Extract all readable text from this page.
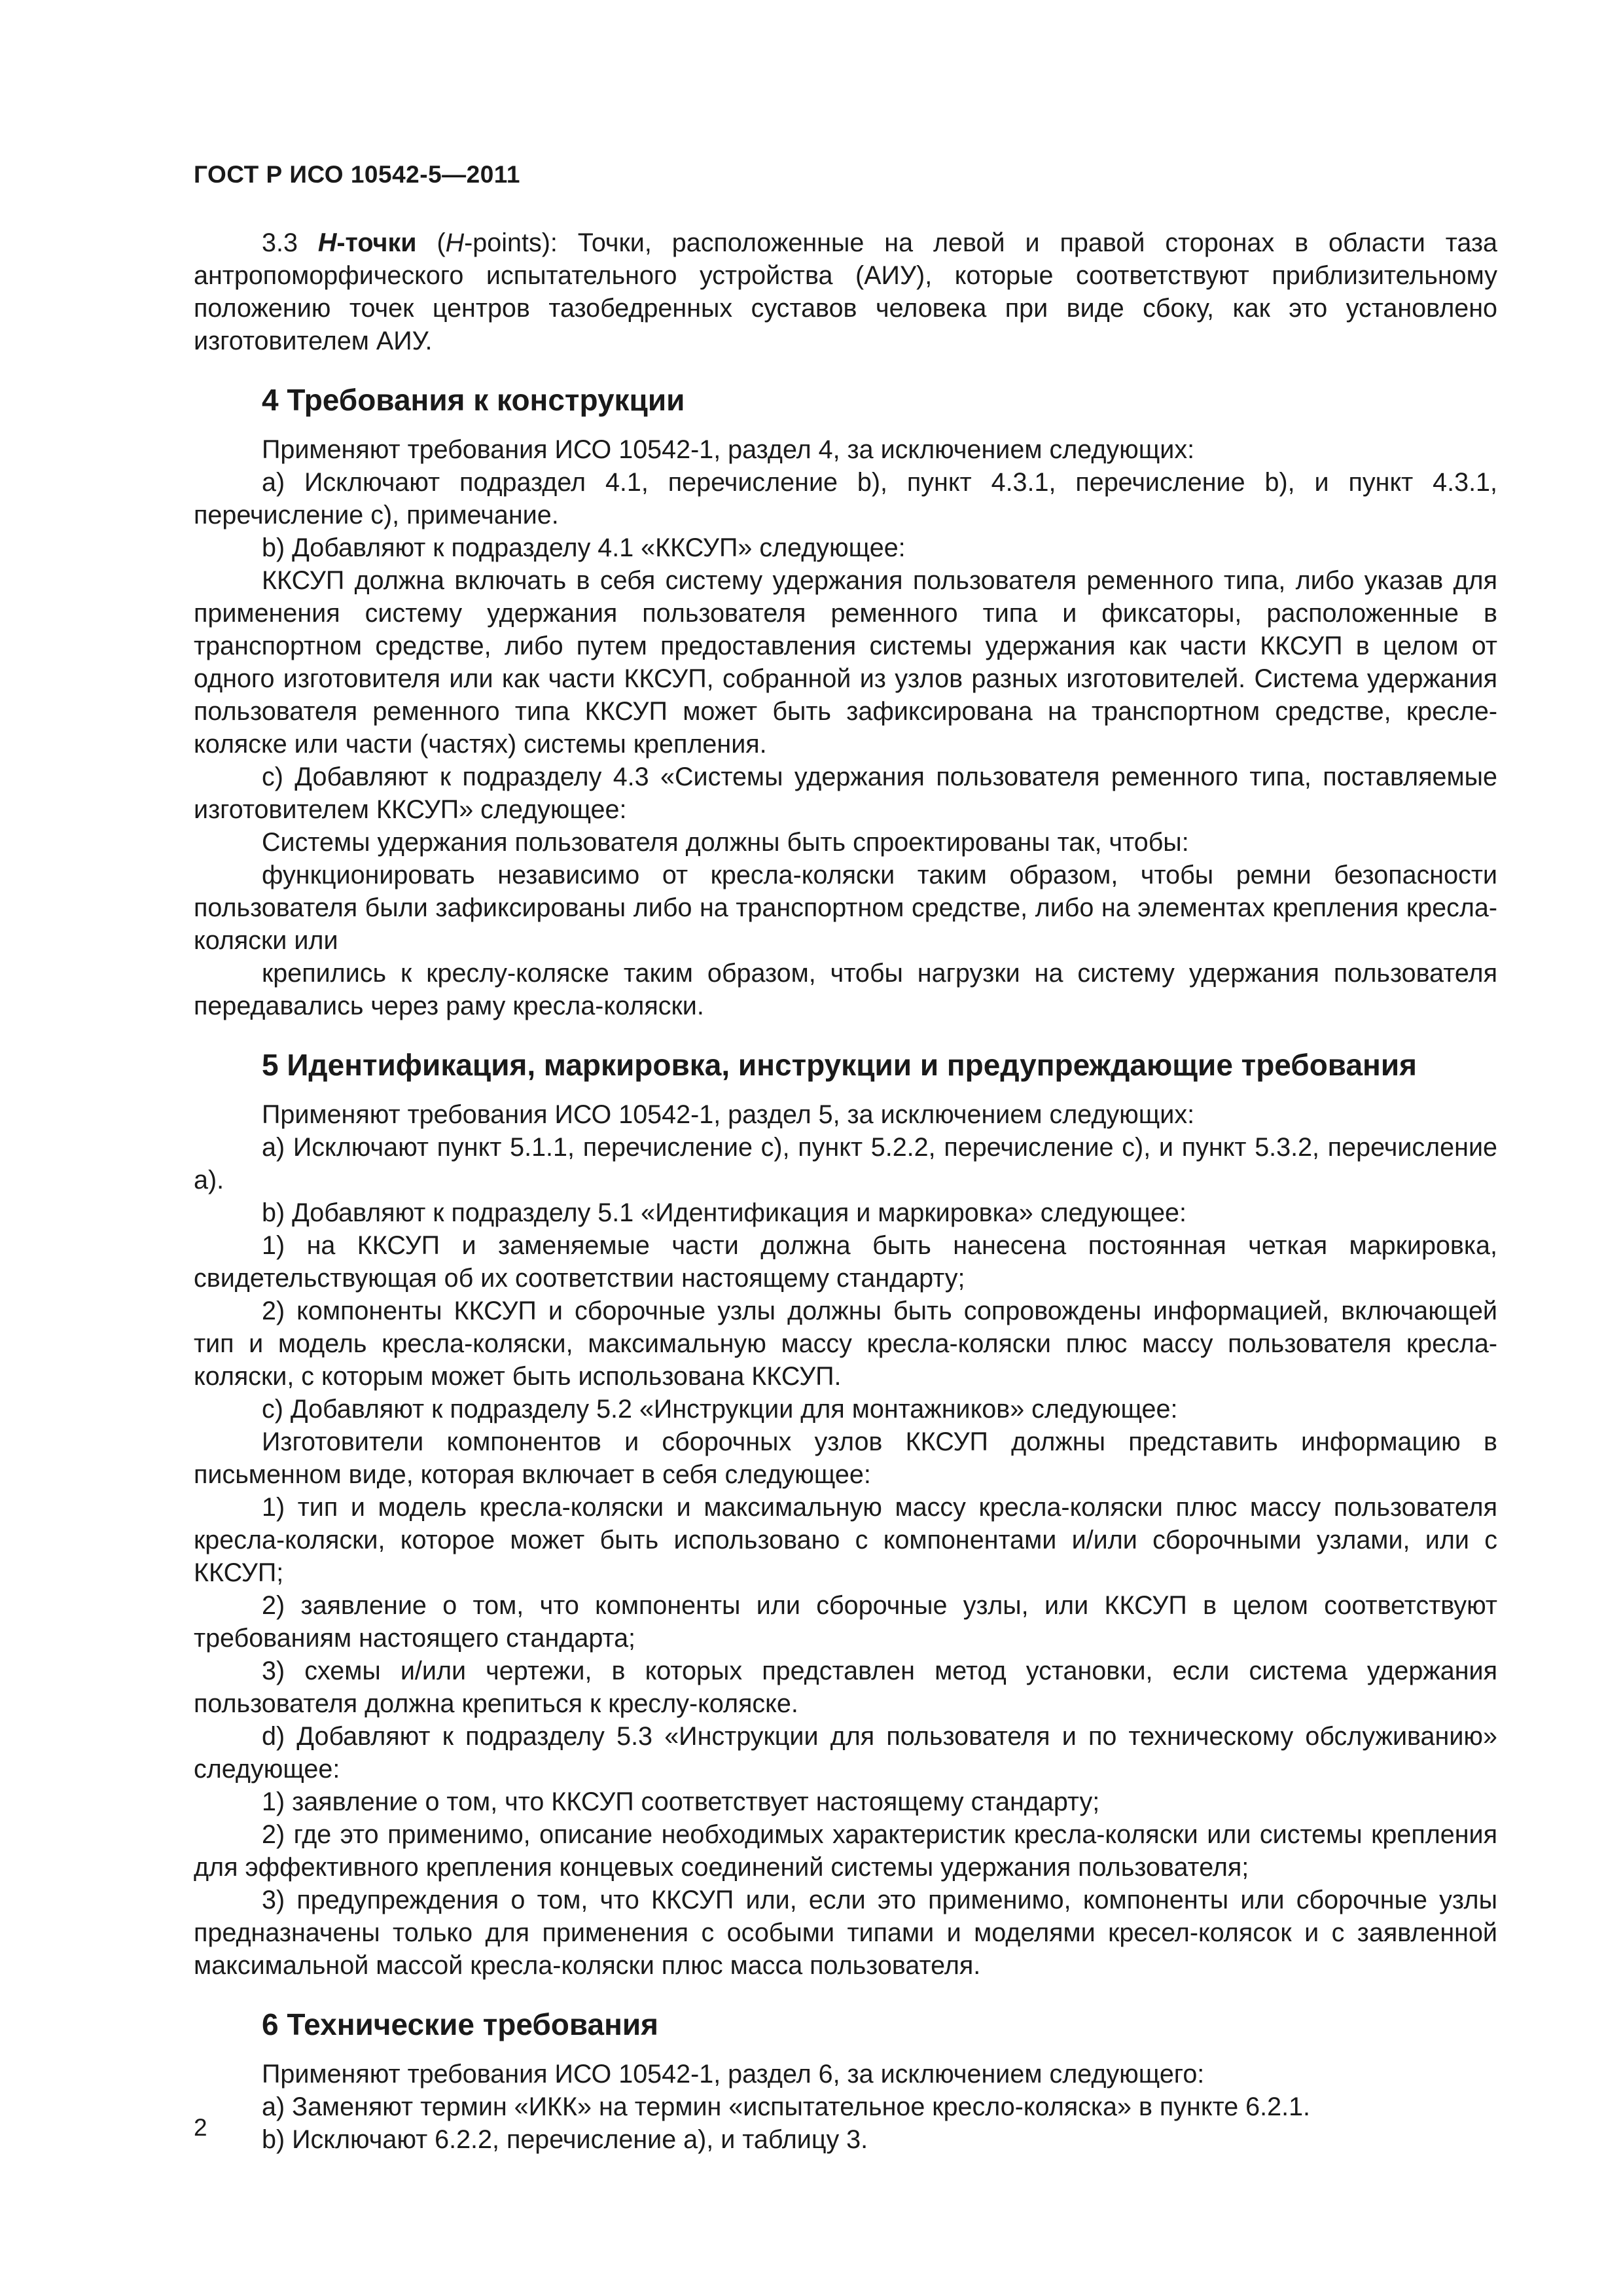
ГОСТ Р ИСО 10542-5—2011

3.3 H-точки (H-points): Точки, расположенные на левой и правой сторонах в области таза антропоморфического испытательного устройства (АИУ), которые соответствуют приблизительному положению точек центров тазобедренных суставов человека при виде сбоку, как это установлено изготовителем АИУ.

4 Требования к конструкции

Применяют требования ИСО 10542-1, раздел 4, за исключением следующих:

a) Исключают подраздел 4.1, перечисление b), пункт 4.3.1, перечисление b), и пункт 4.3.1, перечисление с), примечание.

b) Добавляют к подразделу 4.1 «ККСУП» следующее:

ККСУП должна включать в себя систему удержания пользователя ременного типа, либо указав для применения систему удержания пользователя ременного типа и фиксаторы, расположенные в транспортном средстве, либо путем предоставления системы удержания как части ККСУП в целом от одного изготовителя или как части ККСУП, собранной из узлов разных изготовителей. Система удержания пользователя ременного типа ККСУП может быть зафиксирована на транспортном средстве, кресле-коляске или части (частях) системы крепления.

c) Добавляют к подразделу 4.3 «Системы удержания пользователя ременного типа, поставляемые изготовителем ККСУП» следующее:

Системы удержания пользователя должны быть спроектированы так, чтобы:

функционировать независимо от кресла-коляски таким образом, чтобы ремни безопасности пользователя были зафиксированы либо на транспортном средстве, либо на элементах крепления кресла-коляски или

крепились к креслу-коляске таким образом, чтобы нагрузки на систему удержания пользователя передавались через раму кресла-коляски.

5 Идентификация, маркировка, инструкции и предупреждающие требования

Применяют требования ИСО 10542-1, раздел 5, за исключением следующих:

a) Исключают пункт 5.1.1, перечисление с), пункт 5.2.2, перечисление с), и пункт 5.3.2, перечисление а).

b) Добавляют к подразделу 5.1 «Идентификация и маркировка» следующее:

1) на ККСУП и заменяемые части должна быть нанесена постоянная четкая маркировка, свидетельствующая об их соответствии настоящему стандарту;

2) компоненты ККСУП и сборочные узлы должны быть сопровождены информацией, включающей тип и модель кресла-коляски, максимальную массу кресла-коляски плюс массу пользователя кресла-коляски, с которым может быть использована ККСУП.

c) Добавляют к подразделу 5.2 «Инструкции для монтажников» следующее:

Изготовители компонентов и сборочных узлов ККСУП должны представить информацию в письменном виде, которая включает в себя следующее:

1) тип и модель кресла-коляски и максимальную массу кресла-коляски плюс массу пользователя кресла-коляски, которое может быть использовано с компонентами и/или сборочными узлами, или с ККСУП;

2) заявление о том, что компоненты или сборочные узлы, или ККСУП в целом соответствуют требованиям настоящего стандарта;

3) схемы и/или чертежи, в которых представлен метод установки, если система удержания пользователя должна крепиться к креслу-коляске.

d) Добавляют к подразделу 5.3 «Инструкции для пользователя и по техническому обслуживанию» следующее:

1) заявление о том, что ККСУП соответствует настоящему стандарту;

2) где это применимо, описание необходимых характеристик кресла-коляски или системы крепления для эффективного крепления концевых соединений системы удержания пользователя;

3) предупреждения о том, что ККСУП или, если это применимо, компоненты или сборочные узлы предназначены только для применения с особыми типами и моделями кресел-колясок и с заявленной максимальной массой кресла-коляски плюс масса пользователя.

6 Технические требования

Применяют требования ИСО 10542-1, раздел 6, за исключением следующего:

a) Заменяют термин «ИКК» на термин «испытательное кресло-коляска» в пункте 6.2.1.

b) Исключают 6.2.2, перечисление а), и таблицу 3.

2
